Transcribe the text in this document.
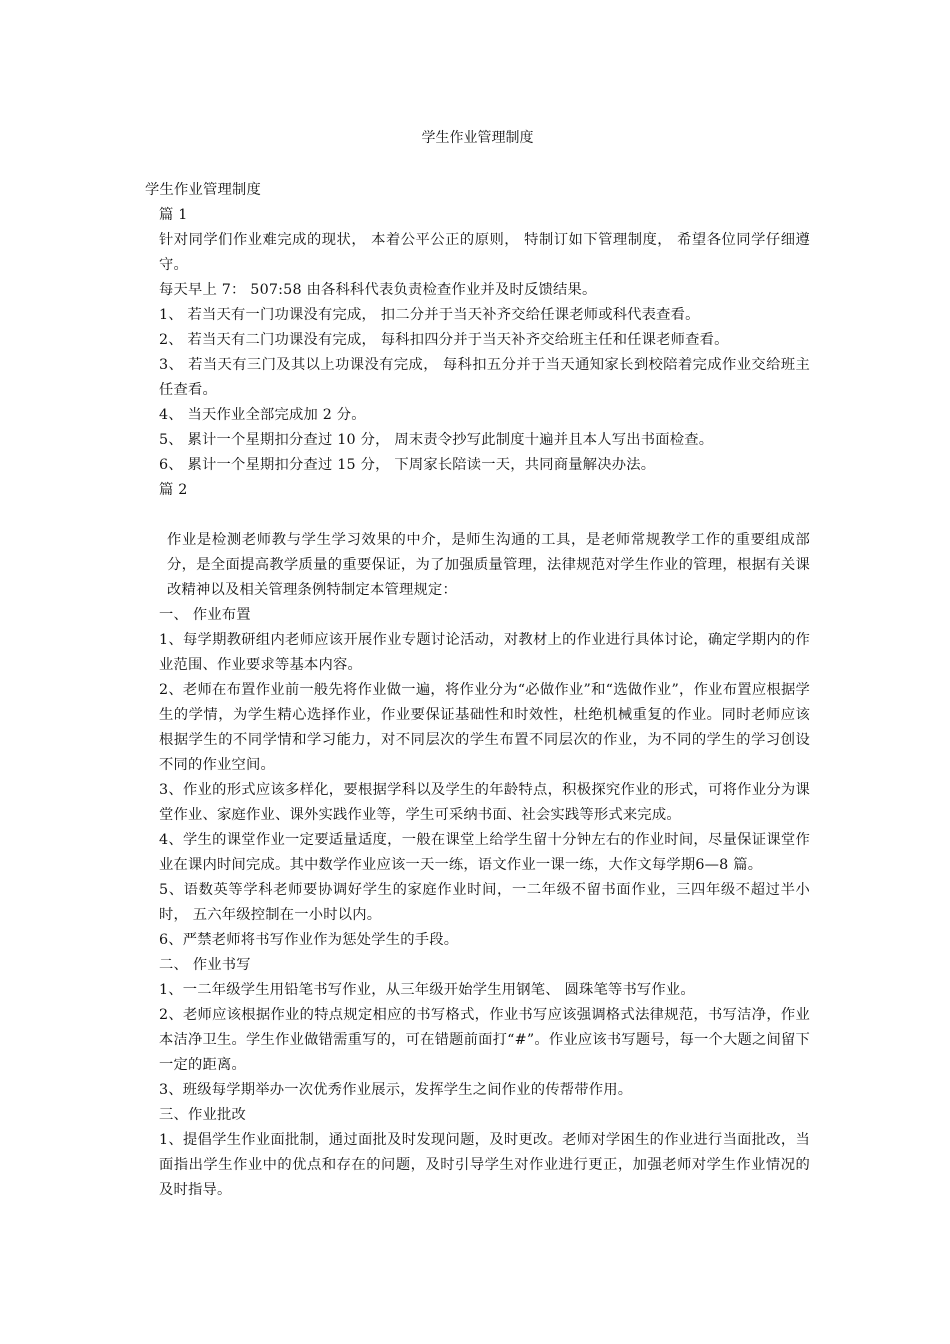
学生作业管理制度

学生作业管理制度

篇 1

针对同学们作业难完成的现状， 本着公平公正的原则， 特制订如下管理制度， 希望各位同学仔细遵守。

每天早上 7： 507:58 由各科科代表负责检查作业并及时反馈结果。

1、 若当天有一门功课没有完成， 扣二分并于当天补齐交给任课老师或科代表查看。

2、 若当天有二门功课没有完成， 每科扣四分并于当天补齐交给班主任和任课老师查看。

3、 若当天有三门及其以上功课没有完成， 每科扣五分并于当天通知家长到校陪着完成作业交给班主任查看。

4、 当天作业全部完成加 2 分。

5、 累计一个星期扣分查过 10 分， 周末责令抄写此制度十遍并且本人写出书面检查。

6、 累计一个星期扣分查过 15 分， 下周家长陪读一天，共同商量解决办法。

篇 2

作业是检测老师教与学生学习效果的中介，是师生沟通的工具，是老师常规教学工作的重要组成部分，是全面提高教学质量的重要保证，为了加强质量管理，法律规范对学生作业的管理，根据有关课改精神以及相关管理条例特制定本管理规定：

一、 作业布置

1、每学期教研组内老师应该开展作业专题讨论活动，对教材上的作业进行具体讨论，确定学期内的作业范围、作业要求等基本内容。

2、老师在布置作业前一般先将作业做一遍，将作业分为“必做作业”和“选做作业”，作业布置应根据学生的学情，为学生精心选择作业，作业要保证基础性和时效性，杜绝机械重复的作业。同时老师应该根据学生的不同学情和学习能力，对不同层次的学生布置不同层次的作业，为不同的学生的学习创设不同的作业空间。

3、作业的形式应该多样化，要根据学科以及学生的年龄特点，积极探究作业的形式，可将作业分为课堂作业、家庭作业、课外实践作业等，学生可采纳书面、社会实践等形式来完成。

4、学生的课堂作业一定要适量适度，一般在课堂上给学生留十分钟左右的作业时间，尽量保证课堂作业在课内时间完成。其中数学作业应该一天一练，语文作业一课一练，大作文每学期6—8 篇。

5、语数英等学科老师要协调好学生的家庭作业时间，一二年级不留书面作业，三四年级不超过半小时， 五六年级控制在一小时以内。

6、严禁老师将书写作业作为惩处学生的手段。

二、 作业书写

1、一二年级学生用铅笔书写作业，从三年级开始学生用钢笔、 圆珠笔等书写作业。

2、老师应该根据作业的特点规定相应的书写格式，作业书写应该强调格式法律规范，书写洁净，作业本洁净卫生。学生作业做错需重写的，可在错题前面打“#”。作业应该书写题号，每一个大题之间留下一定的距离。

3、班级每学期举办一次优秀作业展示，发挥学生之间作业的传帮带作用。

三、作业批改

1、提倡学生作业面批制，通过面批及时发现问题，及时更改。老师对学困生的作业进行当面批改，当面指出学生作业中的优点和存在的问题，及时引导学生对作业进行更正，加强老师对学生作业情况的及时指导。
